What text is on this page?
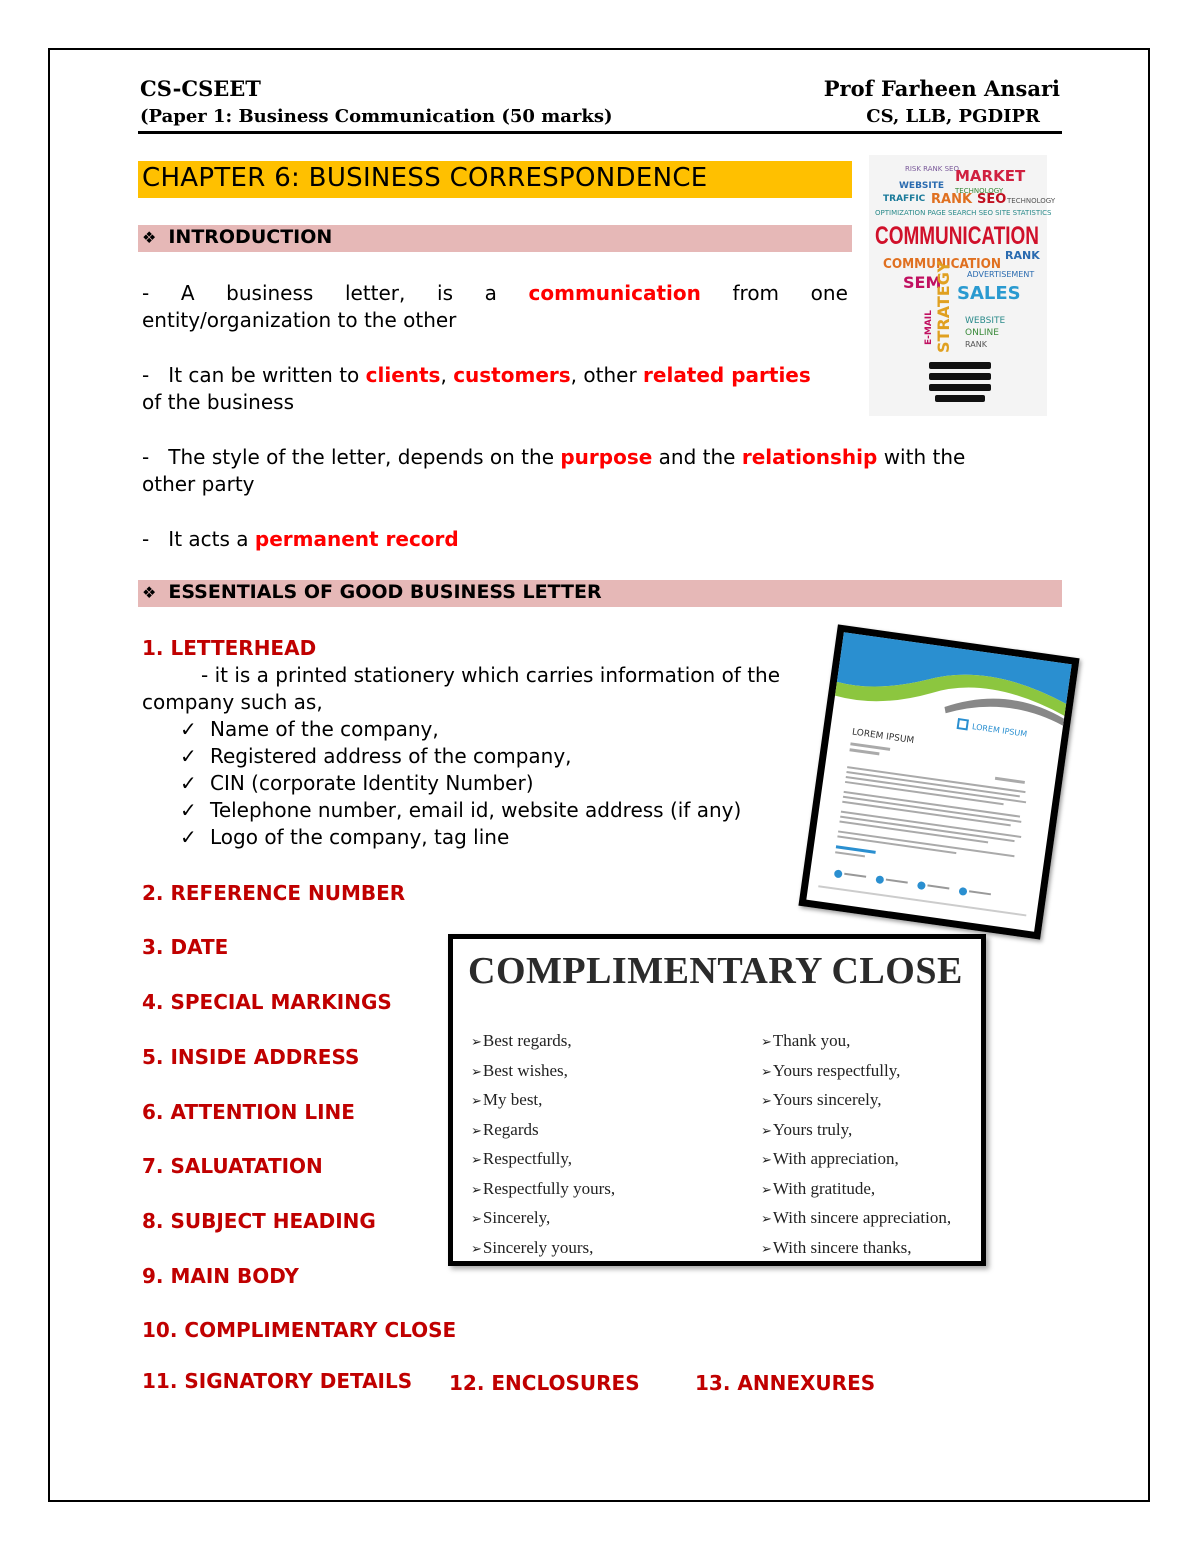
CS-CSEET
(Paper 1: Business Communication (50 marks)
Prof Farheen Ansari
CS, LLB, PGDIPR
CHAPTER 6: BUSINESS CORRESPONDENCE
❖ INTRODUCTION
- A business letter, is a communication from one
entity/organization to the other
-   It can be written to clients, customers, other related parties
of the business
-   The style of the letter, depends on the purpose and the relationship with the
other party
-   It acts a permanent record
❖ ESSENTIALS OF GOOD BUSINESS LETTER
1. LETTERHEAD
- it is a printed stationery which carries information of the
company such as,
✓ Name of the company,
✓ Registered address of the company,
✓ CIN (corporate Identity Number)
✓ Telephone number, email id, website address (if any)
✓ Logo of the company, tag line
2. REFERENCE NUMBER
3. DATE
4. SPECIAL MARKINGS
5. INSIDE ADDRESS
6. ATTENTION LINE
7. SALUATATION
8. SUBJECT HEADING
9. MAIN BODY
10. COMPLIMENTARY CLOSE
11. SIGNATORY DETAILS 12. ENCLOSURES	13. ANNEXURES
RISK RANK SEO
MARKET
WEBSITE TECHNOLOGY
TRAFFIC RANK SEO TECHNOLOGY
OPTIMIZATION PAGE SEARCH SEO SITE STATISTICS
COMMUNICATION
COMMUNICATION
RANK
SEM
SALES
STRATEGY ADVERTISEMENT
E-MAIL	WEBSITE
ONLINE
RANK
LOREM IPSUM
LOREM IPSUM
COMPLIMENTARY CLOSE
➢Best regards,
➢Best wishes,
➢My best,
➢Regards
➢Respectfully,
➢Respectfully yours,
➢Sincerely,
➢Sincerely yours,
➢Thank you,
➢Yours respectfully,
➢Yours sincerely,
➢Yours truly,
➢With appreciation,
➢With gratitude,
➢With sincere appreciation,
➢With sincere thanks,
